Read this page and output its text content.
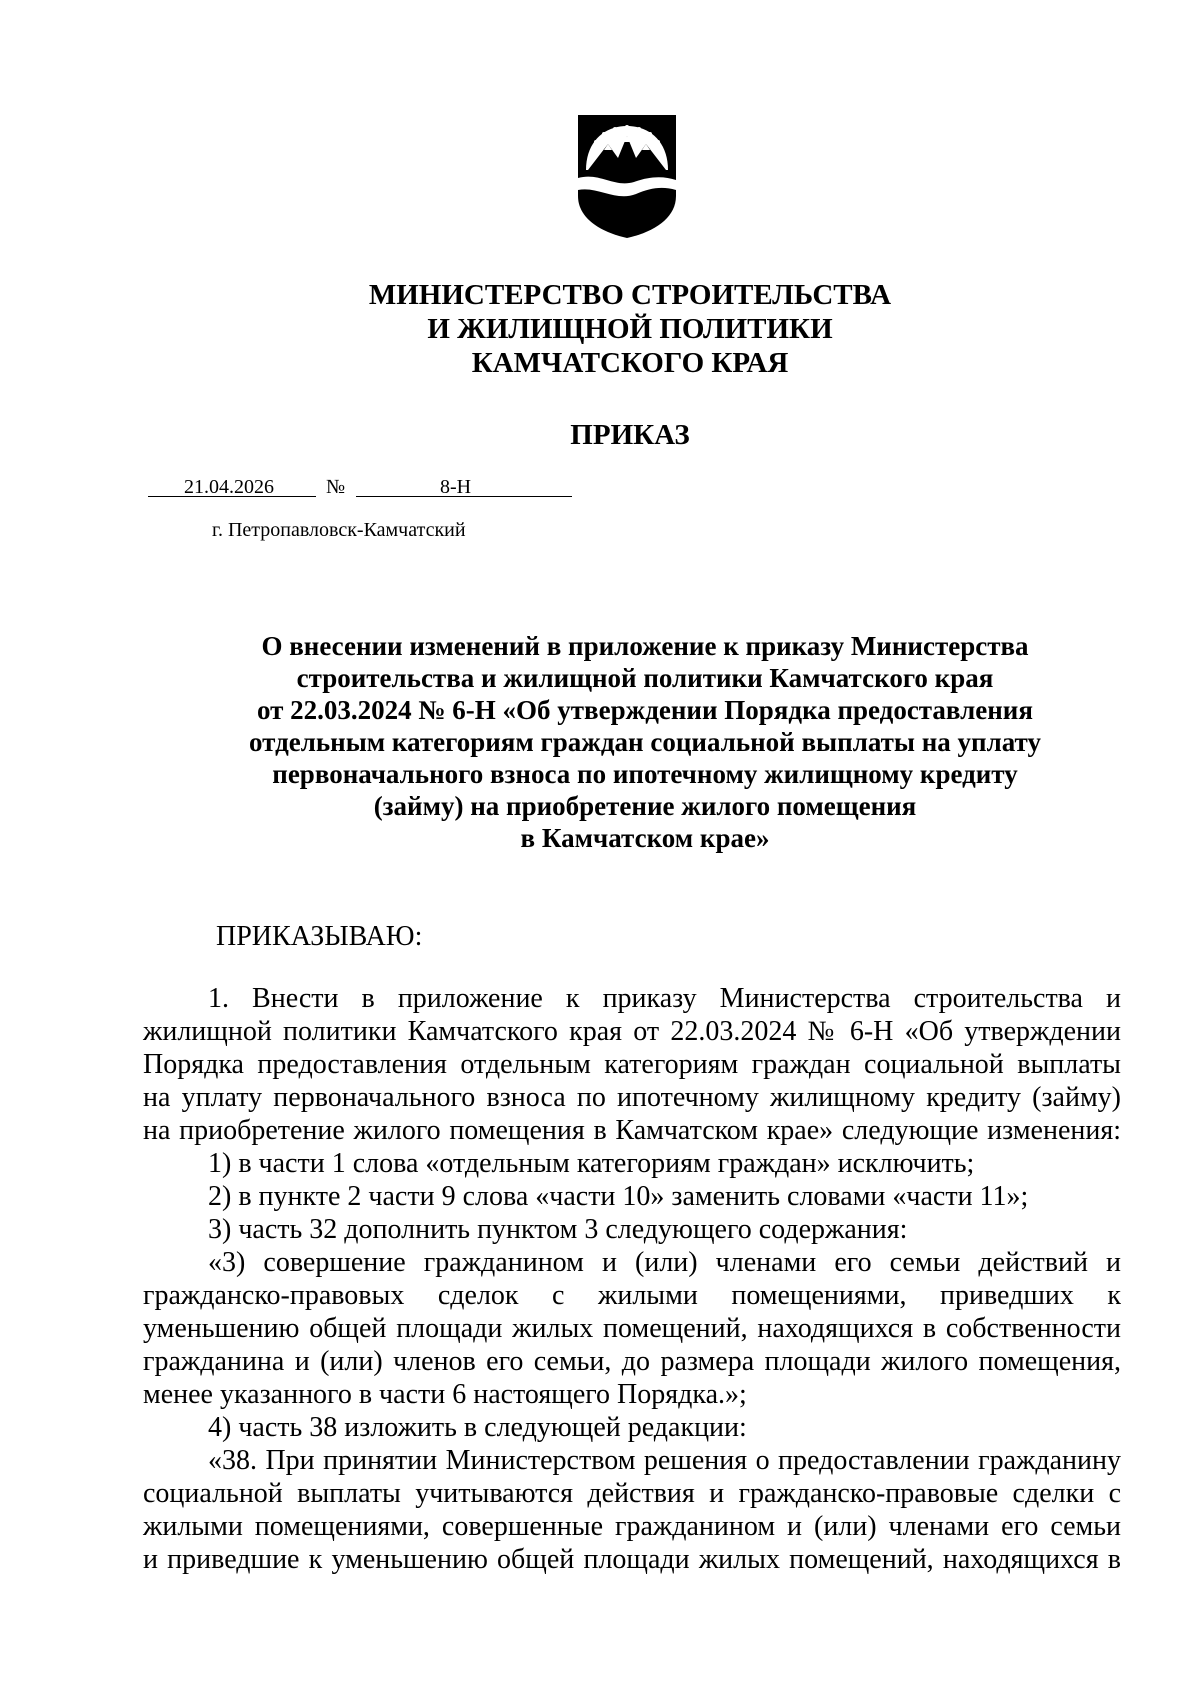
МИНИСТЕРСТВО СТРОИТЕЛЬСТВА
И ЖИЛИЩНОЙ ПОЛИТИКИ
КАМЧАТСКОГО КРАЯ
ПРИКАЗ
21.04.2026	№	8-Н
г. Петропавловск-Камчатский
О внесении изменений в приложение к приказу Министерства
строительства и жилищной политики Камчатского края
от 22.03.2024 № 6-Н «Об утверждении Порядка предоставления
отдельным категориям граждан социальной выплаты на уплату
первоначального взноса по ипотечному жилищному кредиту
(займу) на приобретение жилого помещения
в Камчатском крае»
ПРИКАЗЫВАЮ:
1. Внести в приложение к приказу Министерства строительства и
жилищной политики Камчатского края от 22.03.2024 № 6-Н «Об утверждении
Порядка предоставления отдельным категориям граждан социальной выплаты
на уплату первоначального взноса по ипотечному жилищному кредиту (займу)
на приобретение жилого помещения в Камчатском крае» следующие изменения:
1) в части 1 слова «отдельным категориям граждан» исключить;
2) в пункте 2 части 9 слова «части 10» заменить словами «части 11»;
3) часть 32 дополнить пунктом 3 следующего содержания:
«3) совершение гражданином и (или) членами его семьи действий и
гражданско-правовых сделок с жилыми помещениями, приведших к
уменьшению общей площади жилых помещений, находящихся в собственности
гражданина и (или) членов его семьи, до размера площади жилого помещения,
менее указанного в части 6 настоящего Порядка.»;
4) часть 38 изложить в следующей редакции:
«38. При принятии Министерством решения о предоставлении гражданину
социальной выплаты учитываются действия и гражданско-правовые сделки с
жилыми помещениями, совершенные гражданином и (или) членами его семьи
и приведшие к уменьшению общей площади жилых помещений, находящихся в
